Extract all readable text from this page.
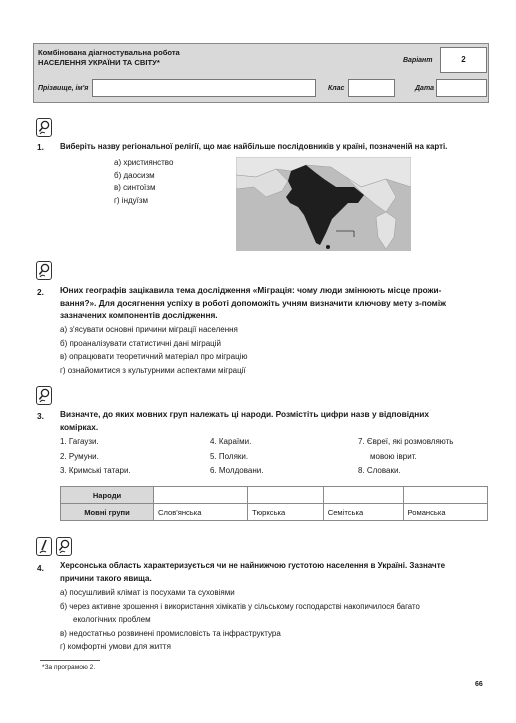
Комбінована діагностувальна робота
НАСЕЛЕННЯ УКРАЇНИ ТА СВІТУ*	Варіант	2
Прізвище, ім'я	Клас	Дата
1. Виберіть назву регіональної релігії, що має найбільше послідовників у країні, позначеній на карті.
а) християнство
б) даосизм
в) синтоїзм
г) індуїзм
2. Юних географів зацікавила тема дослідження «Міграція: чому люди змінюють місце прожи-
вання?». Для досягнення успіху в роботі допоможіть учням визначити ключову мету з-поміж
зазначених компонентів дослідження.
а) з'ясувати основні причини міграції населення
б) проаналізувати статистичні дані міграцій
в) опрацювати теоретичний матеріал про міграцію
г) ознайомитися з культурними аспектами міграції
3. Визначте, до яких мовних груп належать ці народи. Розмістіть цифри назв у відповідних
комірках.
1. Гагаузи.
2. Румуни.
3. Кримські татари.
4. Караїми.
5. Поляки.
6. Молдовани.
7. Євреї, які розмовляють
мовою іврит.
8. Словаки.
Народи				
Мовні групи	Слов'янська	Тюркська	Семітська	Романська
4. Херсонська область характеризується чи не найнижчою густотою населення в Україні. Зазначте
причини такого явища.
а) посушливий клімат із посухами та суховіями
б) через активне зрошення і використання хімікатів у сільському господарстві накопичилося багато
екологічних проблем
в) недостатньо розвинені промисловість та інфраструктура
г) комфортні умови для життя
*За програмою 2.
66
